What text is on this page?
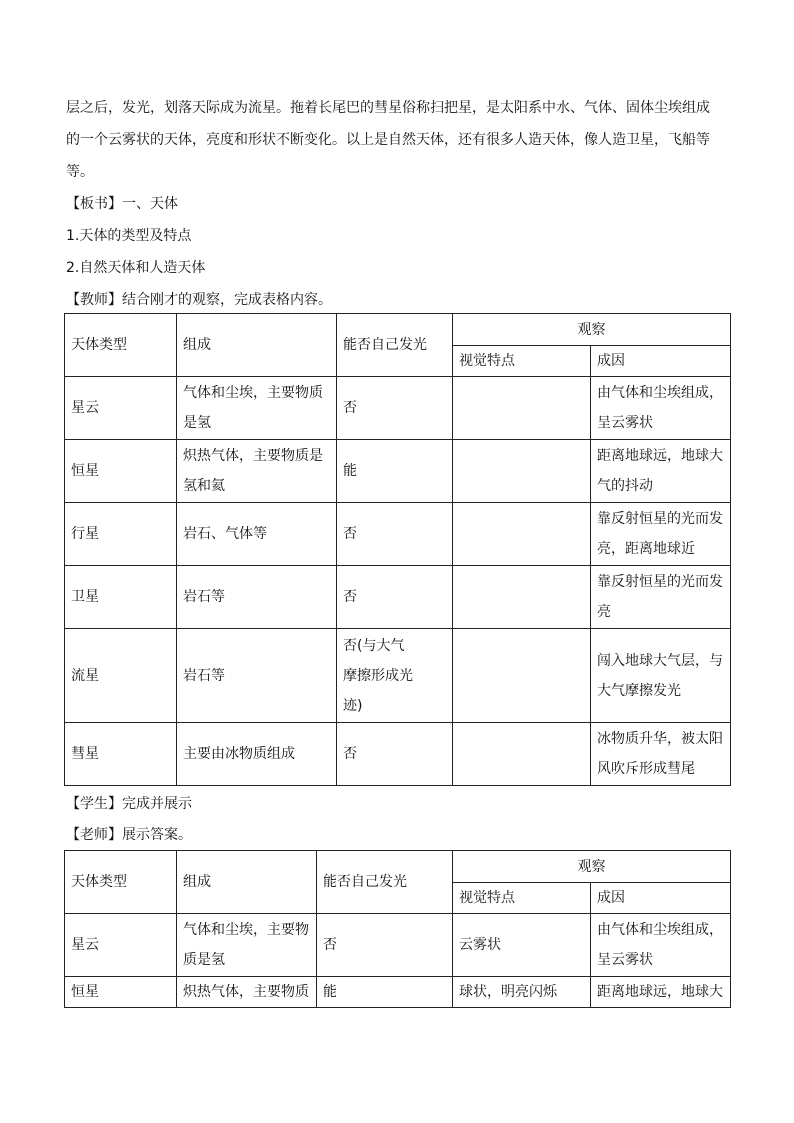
层之后，发光，划落天际成为流星。拖着长尾巴的彗星俗称扫把星，是太阳系中水、气体、固体尘埃组成
的一个云雾状的天体，亮度和形状不断变化。以上是自然天体，还有很多人造天体，像人造卫星，飞船等
等。
【板书】一、天体
1.天体的类型及特点
2.自然天体和人造天体
【教师】结合刚才的观察，完成表格内容。
天体类型	组成	能否自己发光	观察	
			视觉特点	成因
星云	气体和尘埃，主要物质是氢	否		由气体和尘埃组成，呈云雾状

恒星	炽热气体，主要物质是氢和氦	能		距离地球远，地球大气的抖动

行星	岩石、气体等	否		靠反射恒星的光而发亮，距离地球近

卫星	岩石等	否		靠反射恒星的光而发亮

流星	岩石等	否(与大气摩擦形成光迹)		闯入地球大气层，与大气摩擦发光

彗星	主要由冰物质组成	否		冰物质升华，被太阳风吹斥形成彗尾
【学生】完成并展示
【老师】展示答案。
天体类型	组成	能否自己发光	观察	
			视觉特点	成因
星云	气体和尘埃，主要物质是氢	否	云雾状	由气体和尘埃组成，呈云雾状

恒星	炽热气体，主要物质	能	球状，明亮闪烁	距离地球远，地球大
